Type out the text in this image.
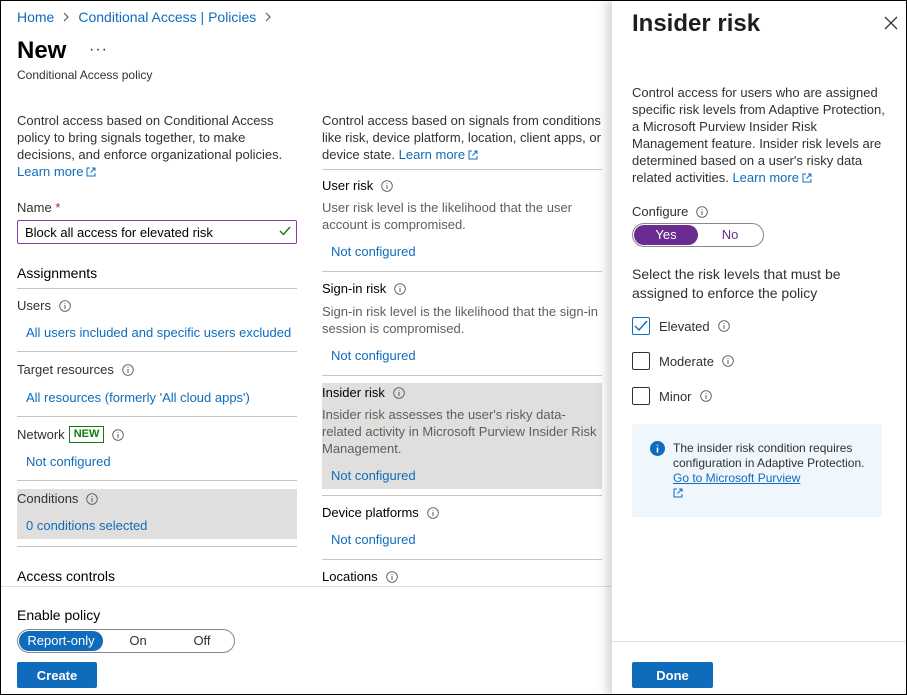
Home Conditional Access | Policies
New ···
Conditional Access policy
Control access based on Conditional Access policy to bring signals together, to make decisions, and enforce organizational policies.
Learn more
Name *
Block all access for elevated risk
Assignments
Users
All users included and specific users excluded
Target resources
All resources (formerly 'All cloud apps')
Network NEW
Not configured
Conditions
0 conditions selected
Access controls
Control access based on signals from conditions like risk, device platform, location, client apps, or device state. Learn more
User risk
User risk level is the likelihood that the user account is compromised.
Not configured
Sign-in risk
Sign-in risk level is the likelihood that the sign-in session is compromised.
Not configured
Insider risk
Insider risk assesses the user's risky data-related activity in Microsoft Purview Insider Risk Management.
Not configured
Device platforms
Not configured
Locations
Enable policy
Report-only	On	Off
Create
Insider risk
Control access for users who are assigned specific risk levels from Adaptive Protection, a Microsoft Purview Insider Risk Management feature. Insider risk levels are determined based on a user's risky data related activities. Learn more
Configure
Yes	No
Select the risk levels that must be assigned to enforce the policy
Elevated
Moderate
Minor
The insider risk condition requires configuration in Adaptive Protection. Go to Microsoft Purview

Done
